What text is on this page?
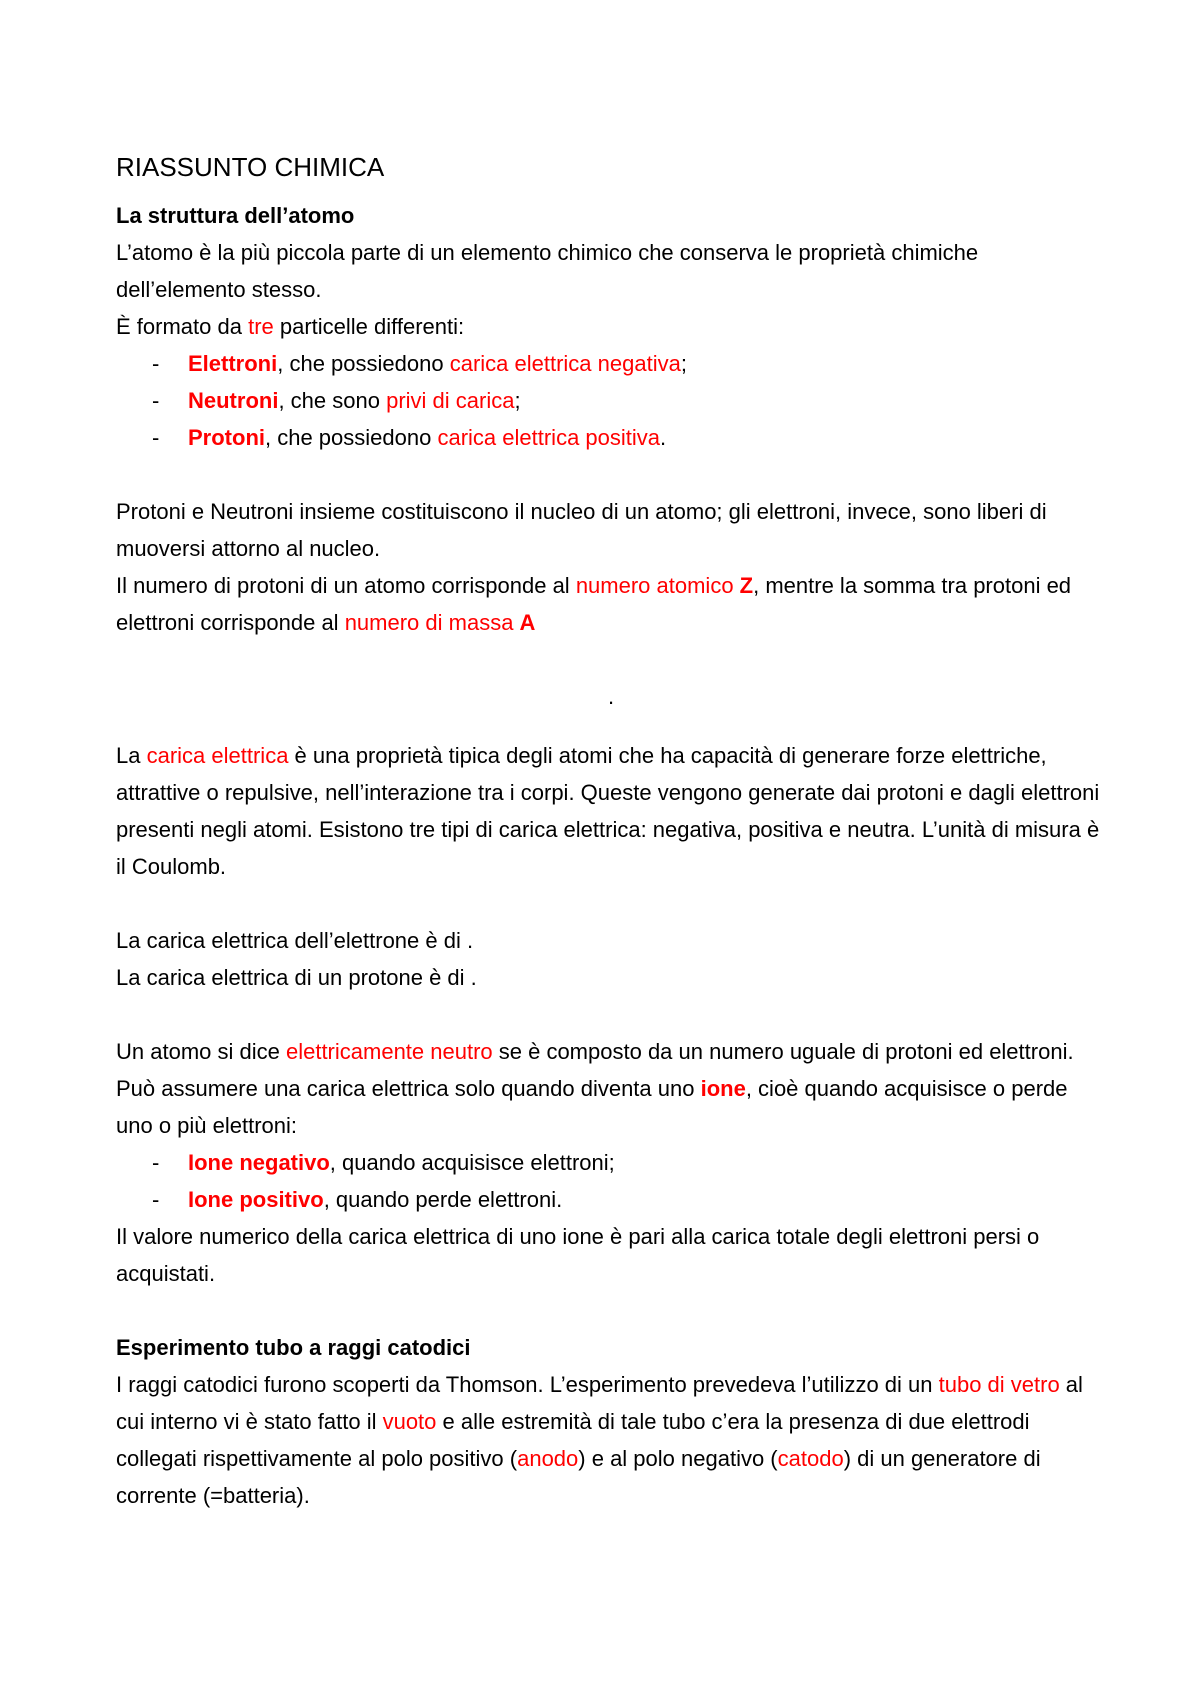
RIASSUNTO CHIMICA
La struttura dell’atomo

L’atomo è la più piccola parte di un elemento chimico che conserva le proprietà chimiche dell’elemento stesso.

È formato da tre particelle differenti:

- Elettroni, che possiedono carica elettrica negativa;
- Neutroni, che sono privi di carica;
- Protoni, che possiedono carica elettrica positiva.

Protoni e Neutroni insieme costituiscono il nucleo di un atomo; gli elettroni, invece, sono liberi di muoversi attorno al nucleo.

Il numero di protoni di un atomo corrisponde al numero atomico Z, mentre la somma tra protoni ed elettroni corrisponde al numero di massa A

.

La carica elettrica è una proprietà tipica degli atomi che ha capacità di generare forze elettriche, attrattive o repulsive, nell’interazione tra i corpi. Queste vengono generate dai protoni e dagli elettroni presenti negli atomi. Esistono tre tipi di carica elettrica: negativa, positiva e neutra. L’unità di misura è il Coulomb.

La carica elettrica dell’elettrone è di .

La carica elettrica di un protone è di .

Un atomo si dice elettricamente neutro se è composto da un numero uguale di protoni ed elettroni.

Può assumere una carica elettrica solo quando diventa uno ione, cioè quando acquisisce o perde uno o più elettroni:

- Ione negativo, quando acquisisce elettroni;
- Ione positivo, quando perde elettroni.

Il valore numerico della carica elettrica di uno ione è pari alla carica totale degli elettroni persi o acquistati.

Esperimento tubo a raggi catodici

I raggi catodici furono scoperti da Thomson. L’esperimento prevedeva l’utilizzo di un tubo di vetro al cui interno vi è stato fatto il vuoto e alle estremità di tale tubo c’era la presenza di due elettrodi collegati rispettivamente al polo positivo (anodo) e al polo negativo (catodo) di un generatore di corrente (=batteria).
